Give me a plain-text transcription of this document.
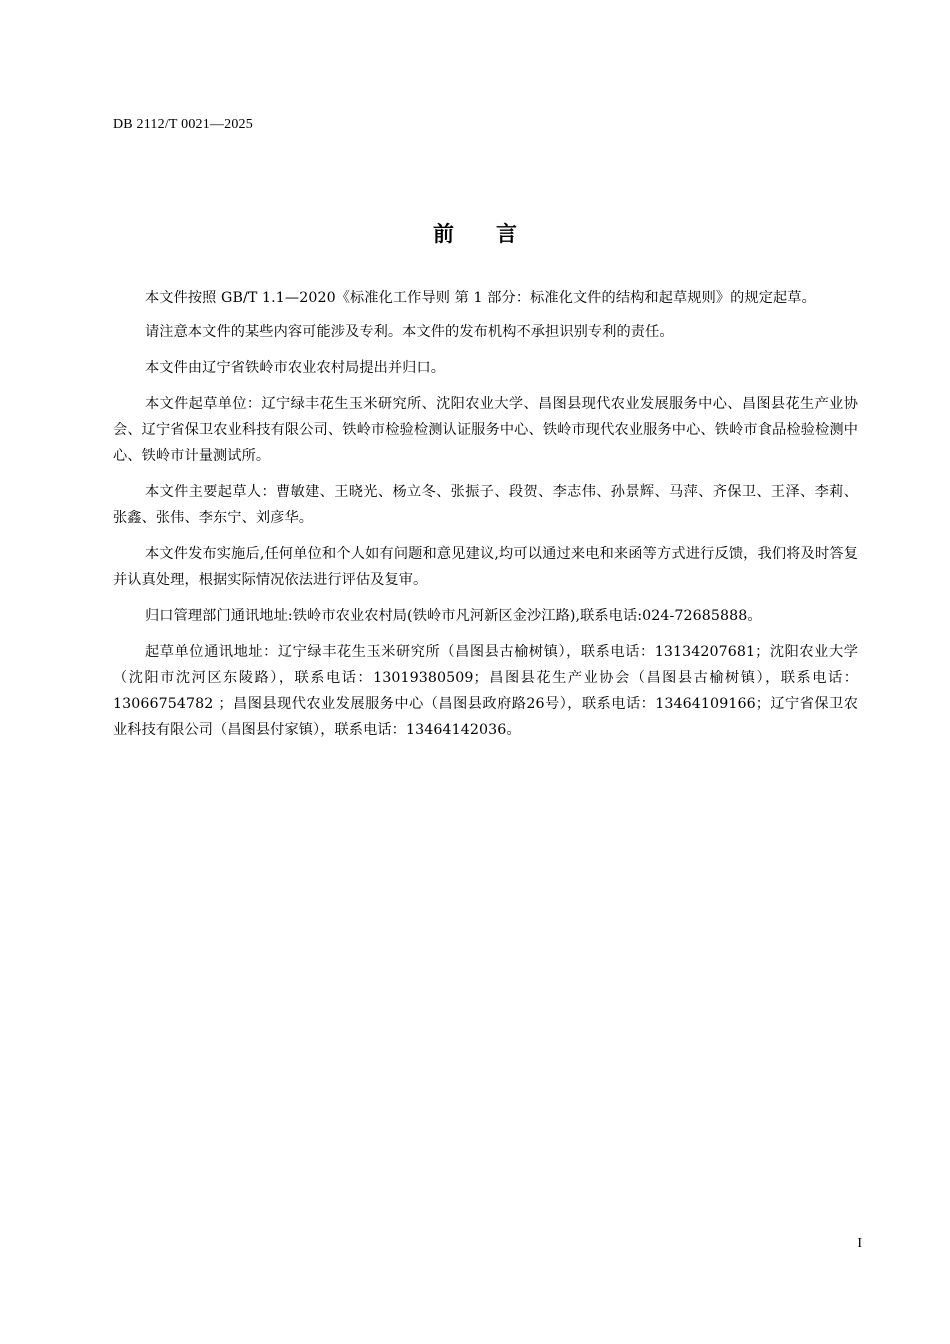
DB 2112/T 0021—2025
前 言

本文件按照 GB/T 1.1—2020《标准化工作导则 第 1 部分：标准化文件的结构和起草规则》的规定起草。

请注意本文件的某些内容可能涉及专利。本文件的发布机构不承担识别专利的责任。

本文件由辽宁省铁岭市农业农村局提出并归口。

本文件起草单位：辽宁绿丰花生玉米研究所、沈阳农业大学、昌图县现代农业发展服务中心、昌图县花生产业协会、辽宁省保卫农业科技有限公司、铁岭市检验检测认证服务中心、铁岭市现代农业服务中心、铁岭市食品检验检测中心、铁岭市计量测试所。

本文件主要起草人：曹敏建、王晓光、杨立冬、张振子、段贺、李志伟、孙景辉、马萍、齐保卫、王泽、李莉、张鑫、张伟、李东宁、刘彦华。

本文件发布实施后,任何单位和个人如有问题和意见建议,均可以通过来电和来函等方式进行反馈，我们将及时答复并认真处理，根据实际情况依法进行评估及复审。

归口管理部门通讯地址:铁岭市农业农村局(铁岭市凡河新区金沙江路),联系电话:024-72685888。

起草单位通讯地址：辽宁绿丰花生玉米研究所（昌图县古榆树镇），联系电话：13134207681；沈阳农业大学（沈阳市沈河区东陵路），联系电话：13019380509；昌图县花生产业协会（昌图县古榆树镇），联系电话：13066754782 ；昌图县现代农业发展服务中心（昌图县政府路26号），联系电话：13464109166；辽宁省保卫农业科技有限公司（昌图县付家镇），联系电话：13464142036。

I
